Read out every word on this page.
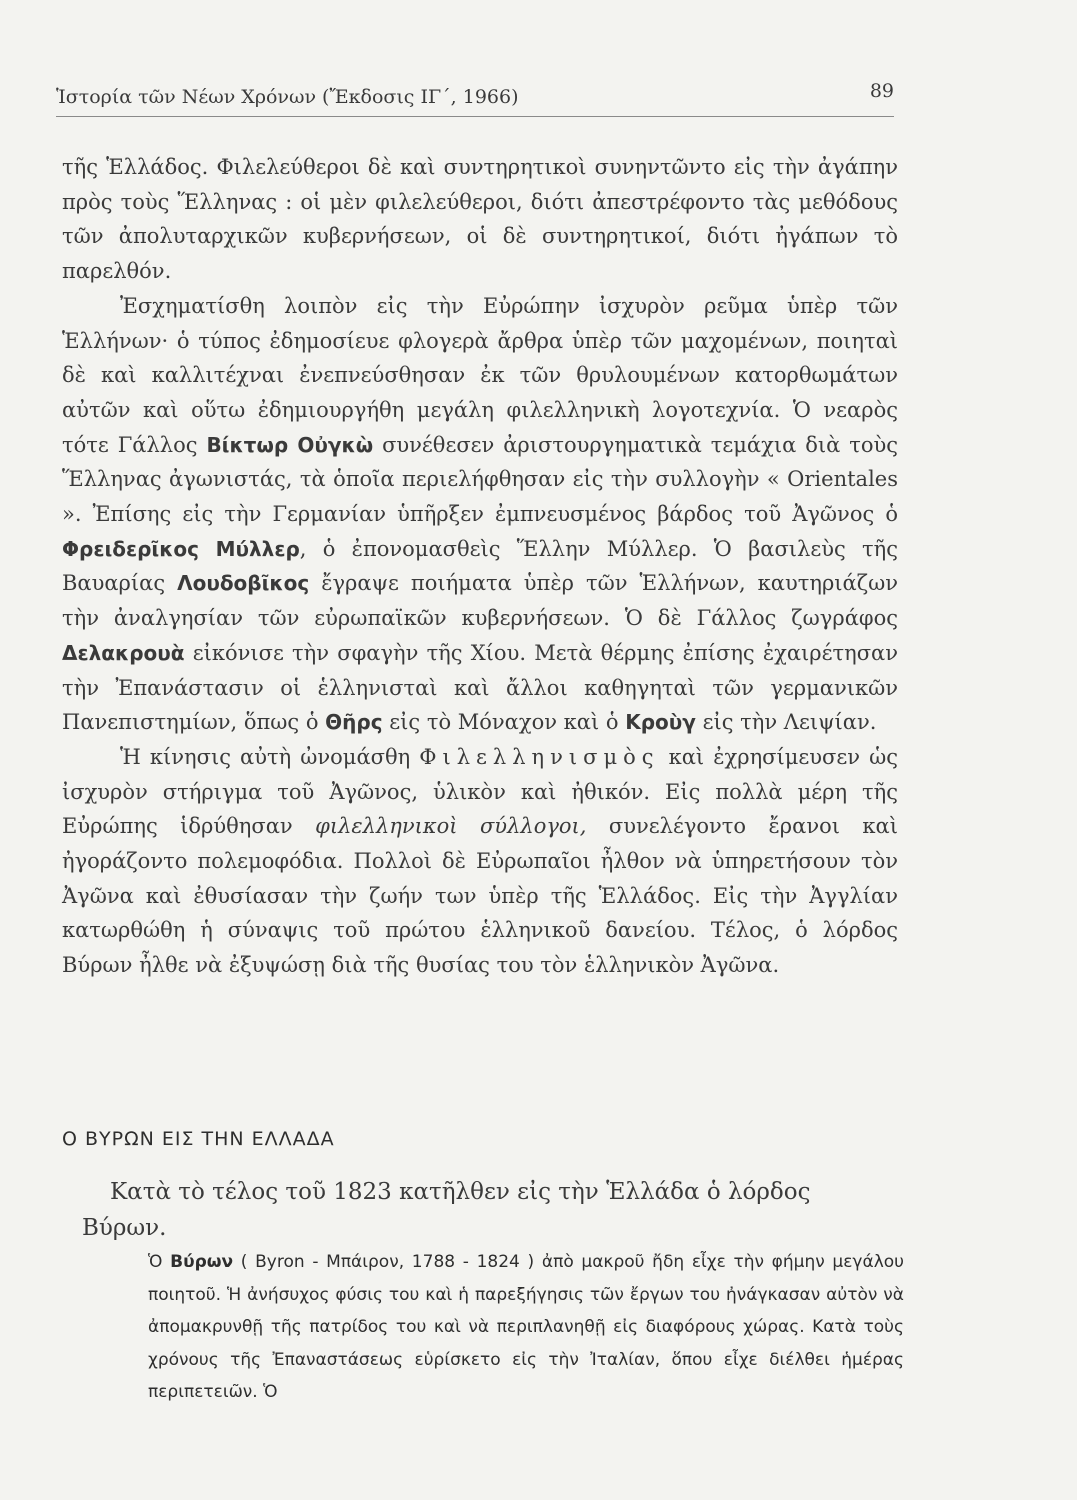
Ἱστορία τῶν Νέων Χρόνων (Ἔκδοσις ΙΓ΄, 1966)	89

τῆς Ἑλλάδος. Φιλελεύθεροι δὲ καὶ συντηρητικοὶ συνηντῶντο εἰς τὴν ἀγάπην πρὸς τοὺς Ἕλληνας : οἱ μὲν φιλελεύθεροι, διότι ἀπεστρέφοντο τὰς μεθόδους τῶν ἀπολυταρχικῶν κυβερνήσεων, οἱ δὲ συντηρητικοί, διότι ἠγάπων τὸ παρελθόν.

Ἐσχηματίσθη λοιπὸν εἰς τὴν Εὐρώπην ἰσχυρὸν ρεῦμα ὑπὲρ τῶν Ἑλλήνων· ὁ τύπος ἐδημοσίευε φλογερὰ ἄρθρα ὑπὲρ τῶν μαχομένων, ποιηταὶ δὲ καὶ καλλιτέχναι ἐνεπνεύσθησαν ἐκ τῶν θρυλουμένων κατορθωμάτων αὐτῶν καὶ οὕτω ἐδημιουργήθη μεγάλη φιλελληνικὴ λογοτεχνία. Ὁ νεαρὸς τότε Γάλλος Βίκτωρ Οὐγκὼ συνέθεσεν ἀριστουργηματικὰ τεμάχια διὰ τοὺς Ἕλληνας ἀγωνιστάς, τὰ ὁποῖα περιελήφθησαν εἰς τὴν συλλογὴν « Orientales ». Ἐπίσης εἰς τὴν Γερμανίαν ὑπῆρξεν ἐμπνευσμένος βάρδος τοῦ Ἀγῶνος ὁ Φρειδερῖκος Μύλλερ, ὁ ἐπονομασθεὶς Ἕλλην Μύλλερ. Ὁ βασιλεὺς τῆς Βαυαρίας Λουδοβῖκος ἔγραψε ποιήματα ὑπὲρ τῶν Ἑλλήνων, καυτηριάζων τὴν ἀναλγησίαν τῶν εὐρωπαϊκῶν κυβερνήσεων. Ὁ δὲ Γάλλος ζωγράφος Δελακρουὰ εἰκόνισε τὴν σφαγὴν τῆς Χίου. Μετὰ θέρμης ἐπίσης ἐχαιρέτησαν τὴν Ἐπανάστασιν οἱ ἑλληνισταὶ καὶ ἄλλοι καθηγηταὶ τῶν γερμανικῶν Πανεπιστημίων, ὅπως ὁ Θῆρς εἰς τὸ Μόναχον καὶ ὁ Κροὺγ εἰς τὴν Λειψίαν.

Ἡ κίνησις αὐτὴ ὠνομάσθη Φιλελληνισμὸς καὶ ἐχρησίμευσεν ὡς ἰσχυρὸν στήριγμα τοῦ Ἀγῶνος, ὑλικὸν καὶ ἠθικόν. Εἰς πολλὰ μέρη τῆς Εὐρώπης ἱδρύθησαν φιλελληνικοὶ σύλλογοι, συνελέγοντο ἔρανοι καὶ ἠγοράζοντο πολεμοφόδια. Πολλοὶ δὲ Εὐρωπαῖοι ἦλθον νὰ ὑπηρετήσουν τὸν Ἀγῶνα καὶ ἐθυσίασαν τὴν ζωήν των ὑπὲρ τῆς Ἑλλάδος. Εἰς τὴν Ἀγγλίαν κατωρθώθη ἡ σύναψις τοῦ πρώτου ἑλληνικοῦ δανείου. Τέλος, ὁ λόρδος Βύρων ἦλθε νὰ ἐξυψώσῃ διὰ τῆς θυσίας του τὸν ἑλληνικὸν Ἀγῶνα.

Ο ΒΥΡΩΝ ΕΙΣ ΤΗΝ ΕΛΛΑΔΑ
Κατὰ τὸ τέλος τοῦ 1823 κατῆλθεν εἰς τὴν Ἑλλάδα ὁ λόρδος
Βύρων.
Ὁ Βύρων ( Byron - Μπάιρον, 1788 - 1824 ) ἀπὸ μακροῦ ἤδη εἶχε τὴν φήμην μεγάλου ποιητοῦ. Ἡ ἀνήσυχος φύσις του καὶ ἡ παρεξήγησις τῶν ἔργων του ἠνάγκασαν αὐτὸν νὰ ἀπομακρυνθῇ τῆς πατρίδος του καὶ νὰ περιπλανηθῇ εἰς διαφόρους χώρας. Κατὰ τοὺς χρόνους τῆς Ἐπαναστάσεως εὑρίσκετο εἰς τὴν Ἰταλίαν, ὅπου εἶχε διέλθει ἡμέρας περιπετειῶν. Ὁ
